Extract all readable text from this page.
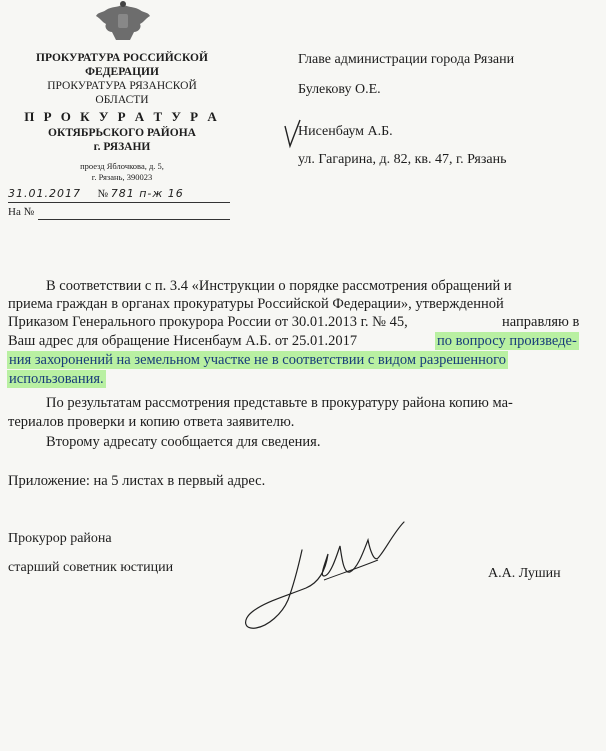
ПРОКУРАТУРА РОССИЙСКОЙ
ФЕДЕРАЦИИ
ПРОКУРАТУРА РЯЗАНСКОЙ
ОБЛАСТИ
П Р О К У Р А Т У Р А
ОКТЯБРЬСКОГО РАЙОНА
г. РЯЗАНИ
проезд Яблочкова, д. 5,
г. Рязань, 390023
31.01.2017 № 781 п-ж 16
На №
Главе администрации города Рязани
Булекову О.Е.
Нисенбаум А.Б.
ул. Гагарина, д. 82, кв. 47, г. Рязань
В соответствии с п. 3.4 «Инструкции о порядке рассмотрения обращений и
приема граждан в органах прокуратуры Российской Федерации», утвержденной
Приказом Генерального прокурора России от 30.01.2013 г. № 45,	направляю в
Ваш адрес для обращение Нисенбаум А.Б. от 25.01.2017	по вопросу произведе-
ния захоронений на земельном участке не в соответствии с видом разрешенного
использования.
По результатам рассмотрения представьте в прокуратуру района копию ма-
териалов проверки и копию ответа заявителю.
Второму адресату сообщается для сведения.
Приложение: на 5 листах в первый адрес.
Прокурор района
старший советник юстиции	А.А. Лушин
